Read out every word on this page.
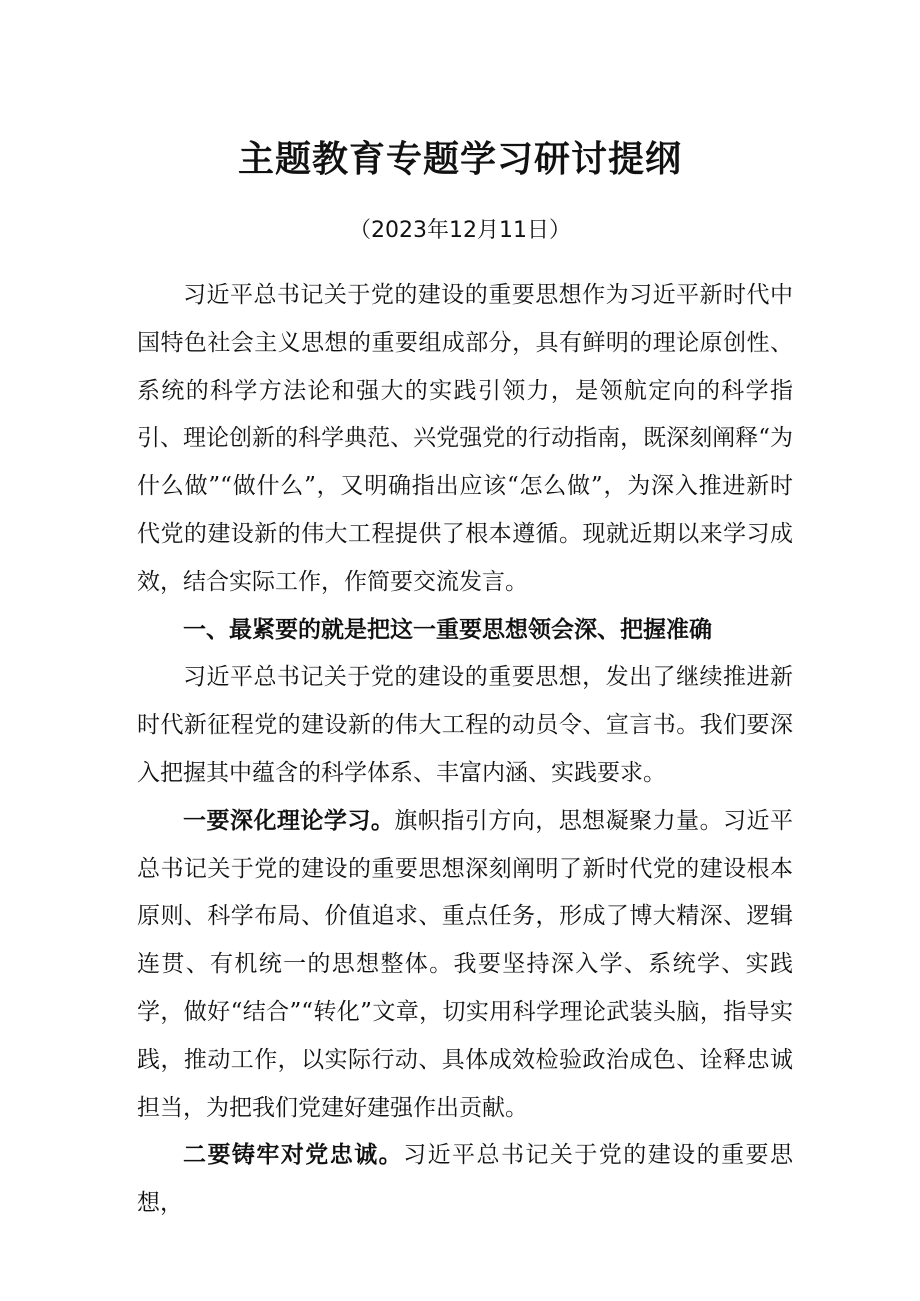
主题教育专题学习研讨提纲
（2023年12月11日）

习近平总书记关于党的建设的重要思想作为习近平新时代中国特色社会主义思想的重要组成部分，具有鲜明的理论原创性、系统的科学方法论和强大的实践引领力，是领航定向的科学指引、理论创新的科学典范、兴党强党的行动指南，既深刻阐释“为什么做”“做什么”，又明确指出应该“怎么做”，为深入推进新时代党的建设新的伟大工程提供了根本遵循。现就近期以来学习成效，结合实际工作，作简要交流发言。

一、最紧要的就是把这一重要思想领会深、把握准确

习近平总书记关于党的建设的重要思想，发出了继续推进新时代新征程党的建设新的伟大工程的动员令、宣言书。我们要深入把握其中蕴含的科学体系、丰富内涵、实践要求。

一要深化理论学习。旗帜指引方向，思想凝聚力量。习近平总书记关于党的建设的重要思想深刻阐明了新时代党的建设根本原则、科学布局、价值追求、重点任务，形成了博大精深、逻辑连贯、有机统一的思想整体。我要坚持深入学、系统学、实践学，做好“结合”“转化”文章，切实用科学理论武装头脑，指导实践，推动工作，以实际行动、具体成效检验政治成色、诠释忠诚担当，为把我们党建好建强作出贡献。

二要铸牢对党忠诚。习近平总书记关于党的建设的重要思想，
